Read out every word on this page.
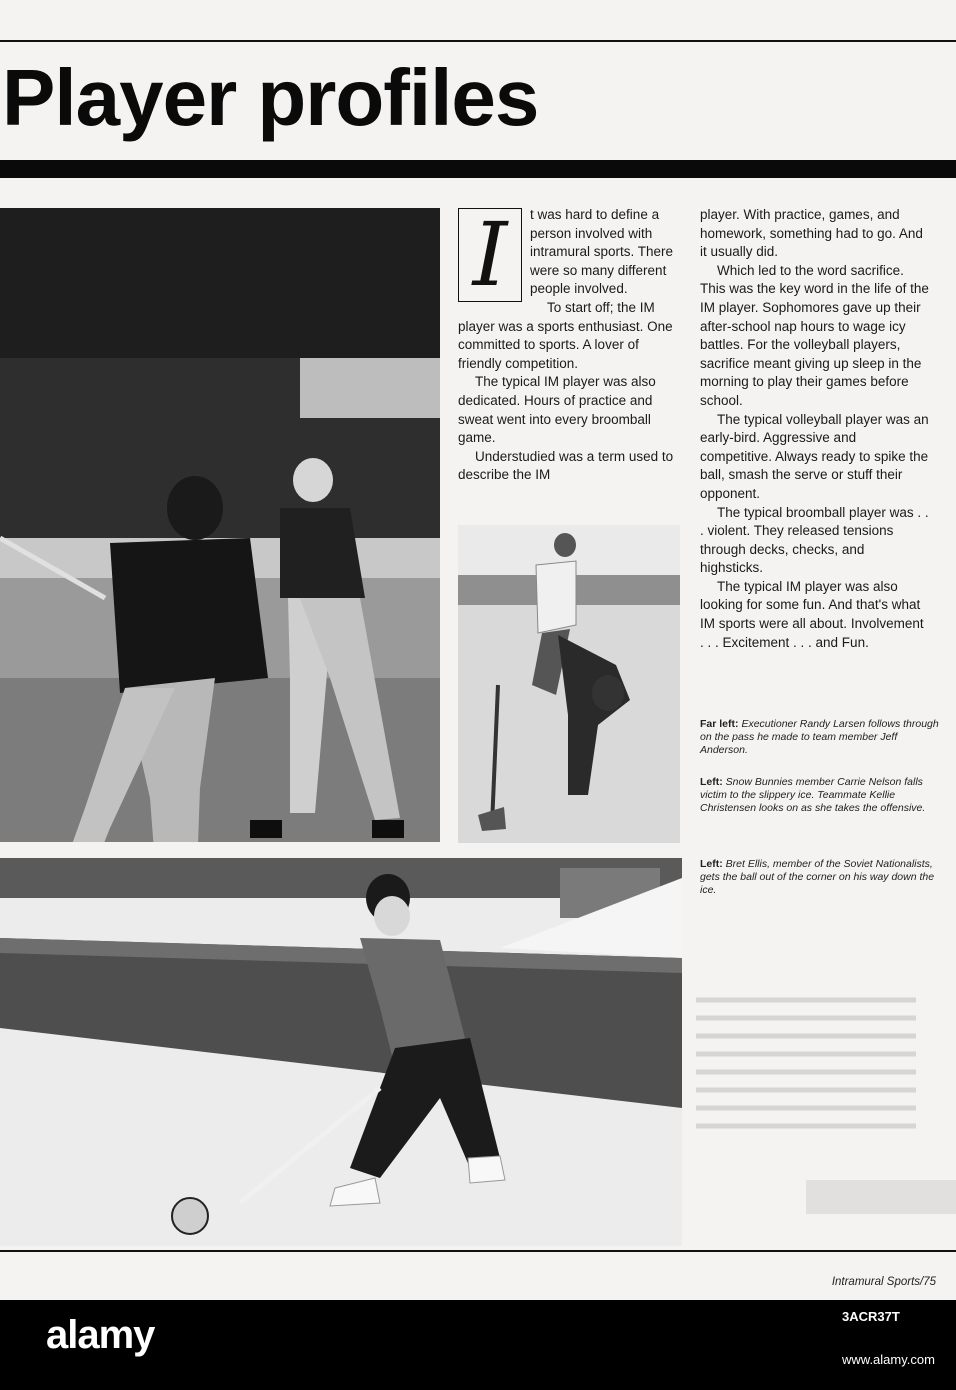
Player profiles
I	t was hard to define a person involved with intramural sports. There were so many different people involved.

To start off; the IM player was a sports enthusiast. One committed to sports. A lover of friendly competition.

The typical IM player was also dedicated. Hours of practice and sweat went into every broomball game.

Understudied was a term used to describe the IM

player. With practice, games, and homework, something had to go. And it usually did.

Which led to the word sacrifice. This was the key word in the life of the IM player. Sophomores gave up their after-school nap hours to wage icy battles. For the volleyball players, sacrifice meant giving up sleep in the morning to play their games before school.

The typical volleyball player was an early-bird. Aggressive and competitive. Always ready to spike the ball, smash the serve or stuff their opponent.

The typical broomball player was . . . violent. They released tensions through decks, checks, and highsticks.

The typical IM player was also looking for some fun. And that's what IM sports were all about. Involvement . . . Excitement . . . and Fun.

Far left: Executioner Randy Larsen follows through on the pass he made to team member Jeff Anderson.

Left: Snow Bunnies member Carrie Nelson falls victim to the slippery ice. Teammate Kellie Christensen looks on as she takes the offensive.

Left: Bret Ellis, member of the Soviet Nationalists, gets the ball out of the corner on his way down the ice.

Intramural Sports/75

alamy	3ACR37T

www.alamy.com
